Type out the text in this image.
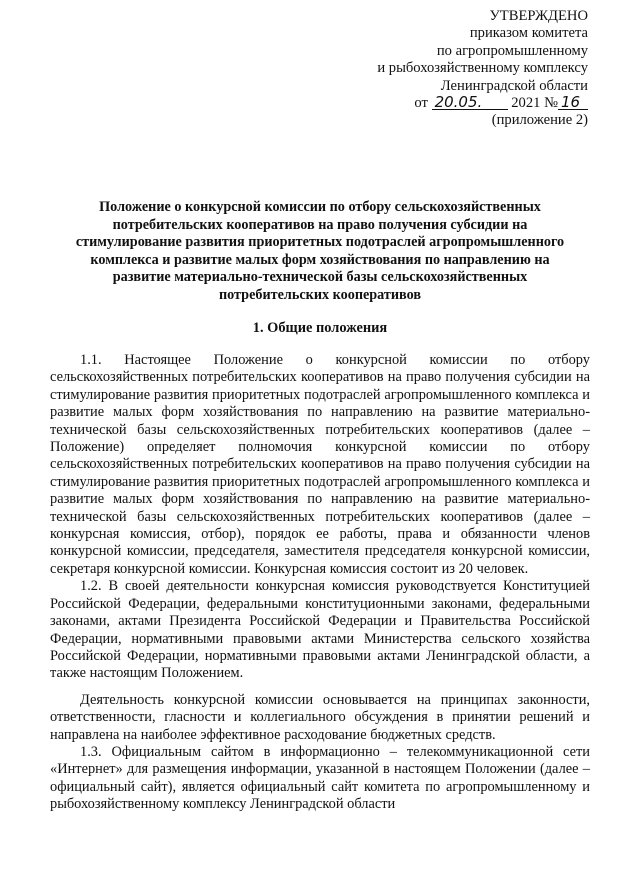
УТВЕРЖДЕНО
приказом комитета
по агропромышленному
и рыбохозяйственному комплексу
Ленинградской области
от 20.05. 2021 № 16
(приложение 2)
Положение о конкурсной комиссии по отбору сельскохозяйственных потребительских кооперативов на право получения субсидии на стимулирование развития приоритетных подотраслей агропромышленного комплекса и развитие малых форм хозяйствования по направлению на развитие материально-технической базы сельскохозяйственных потребительских кооперативов
1. Общие положения

1.1. Настоящее Положение о конкурсной комиссии по отбору сельскохозяйственных потребительских кооперативов на право получения субсидии на стимулирование развития приоритетных подотраслей агропромышленного комплекса и развитие малых форм хозяйствования по направлению на развитие материально-технической базы сельскохозяйственных потребительских кооперативов (далее – Положение) определяет полномочия конкурсной комиссии по отбору сельскохозяйственных потребительских кооперативов на право получения субсидии на стимулирование развития приоритетных подотраслей агропромышленного комплекса и развитие малых форм хозяйствования по направлению на развитие материально-технической базы сельскохозяйственных потребительских кооперативов (далее – конкурсная комиссия, отбор), порядок ее работы, права и обязанности членов конкурсной комиссии, председателя, заместителя председателя конкурсной комиссии, секретаря конкурсной комиссии. Конкурсная комиссия состоит из 20 человек.

1.2. В своей деятельности конкурсная комиссия руководствуется Конституцией Российской Федерации, федеральными конституционными законами, федеральными законами, актами Президента Российской Федерации и Правительства Российской Федерации, нормативными правовыми актами Министерства сельского хозяйства Российской Федерации, нормативными правовыми актами Ленинградской области, а также настоящим Положением.

Деятельность конкурсной комиссии основывается на принципах законности, ответственности, гласности и коллегиального обсуждения в принятии решений и направлена на наиболее эффективное расходование бюджетных средств.

1.3. Официальным сайтом в информационно – телекоммуникационной сети «Интернет» для размещения информации, указанной в настоящем Положении (далее – официальный сайт), является официальный сайт комитета по агропромышленному и рыбохозяйственному комплексу Ленинградской области
